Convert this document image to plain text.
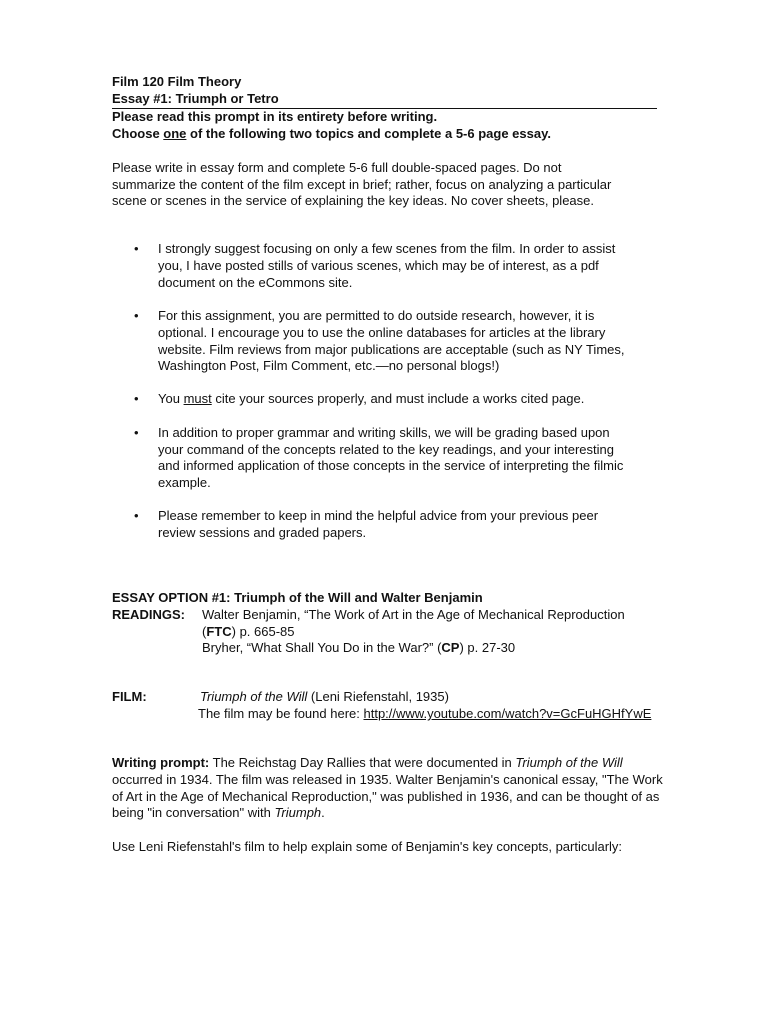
Film 120 Film Theory
Essay #1: Triumph or Tetro
Please read this prompt in its entirety before writing.
Choose one of the following two topics and complete a 5-6 page essay.
Please write in essay form and complete 5-6 full double-spaced pages. Do not
summarize the content of the film except in brief; rather, focus on analyzing a particular
scene or scenes in the service of explaining the key ideas. No cover sheets, please.
• I strongly suggest focusing on only a few scenes from the film. In order to assist
you, I have posted stills of various scenes, which may be of interest, as a pdf
document on the eCommons site.
• For this assignment, you are permitted to do outside research, however, it is
optional. I encourage you to use the online databases for articles at the library
website. Film reviews from major publications are acceptable (such as NY Times,
Washington Post, Film Comment, etc.—no personal blogs!)
• You must cite your sources properly, and must include a works cited page.
• In addition to proper grammar and writing skills, we will be grading based upon
your command of the concepts related to the key readings, and your interesting
and informed application of those concepts in the service of interpreting the filmic
example.
• Please remember to keep in mind the helpful advice from your previous peer
review sessions and graded papers.
ESSAY OPTION #1: Triumph of the Will and Walter Benjamin
READINGS: Walter Benjamin, “The Work of Art in the Age of Mechanical Reproduction
(FTC) p. 665-85
Bryher, “What Shall You Do in the War?” (CP) p. 27-30
FILM:	Triumph of the Will (Leni Riefenstahl, 1935)
The film may be found here: http://www.youtube.com/watch?v=GcFuHGHfYwE
Writing prompt: The Reichstag Day Rallies that were documented in Triumph of the Will
occurred in 1934. The film was released in 1935. Walter Benjamin's canonical essay, "The Work
of Art in the Age of Mechanical Reproduction," was published in 1936, and can be thought of as
being "in conversation" with Triumph.
Use Leni Riefenstahl's film to help explain some of Benjamin's key concepts, particularly:
